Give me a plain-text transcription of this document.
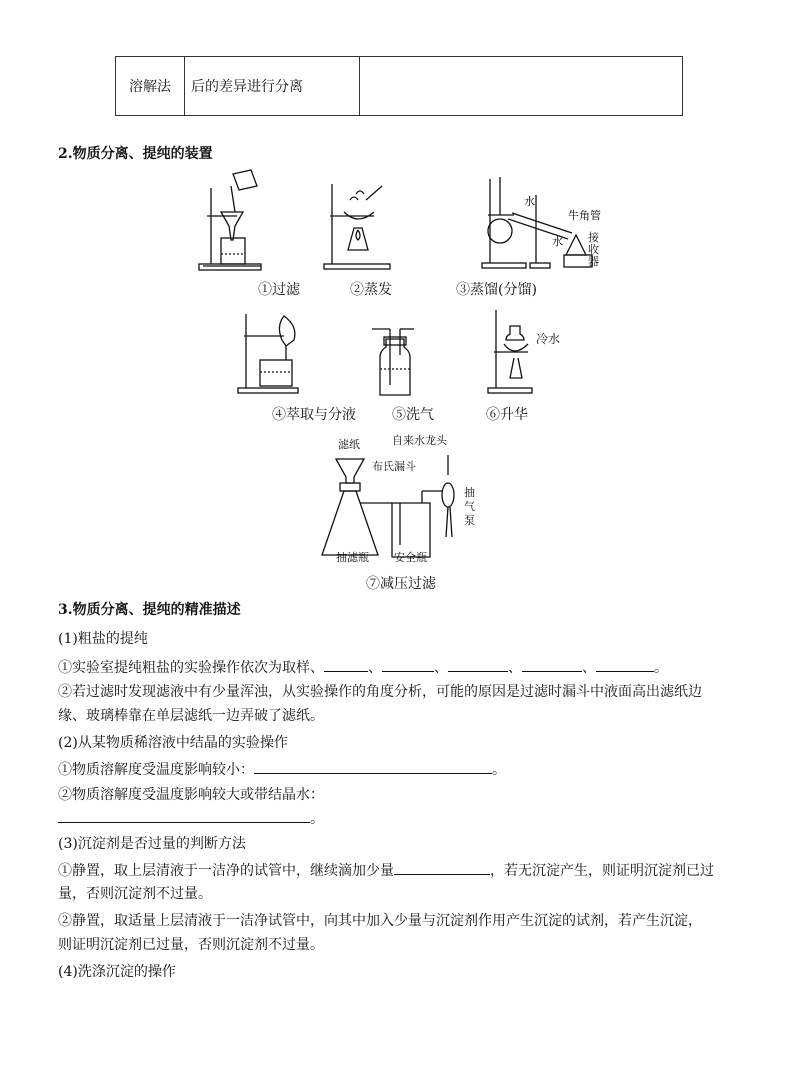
溶解法	后的差异进行分离	
2.物质分离、提纯的装置
①过滤	②蒸发
水
水
牛角管
接收器
③蒸馏(分馏)
④萃取与分液	⑤洗气
冷水
⑥升华
滤纸
布氏漏斗
自来水龙头
抽气泵
抽滤瓶 安全瓶
⑦减压过滤
3.物质分离、提纯的精准描述
(1)粗盐的提纯
①实验室提纯粗盐的实验操作依次为取样、	、	、	、	、	。
②若过滤时发现滤液中有少量浑浊，从实验操作的角度分析，可能的原因是过滤时漏斗中液面高出滤纸边
缘、玻璃棒靠在单层滤纸一边弄破了滤纸。
(2)从某物质稀溶液中结晶的实验操作
①物质溶解度受温度影响较小：	。
②物质溶解度受温度影响较大或带结晶水：
。
(3)沉淀剂是否过量的判断方法
①静置，取上层清液于一洁净的试管中，继续滴加少量	，若无沉淀产生，则证明沉淀剂已过
量，否则沉淀剂不过量。
②静置，取适量上层清液于一洁净试管中，向其中加入少量与沉淀剂作用产生沉淀的试剂，若产生沉淀，
则证明沉淀剂已过量，否则沉淀剂不过量。
(4)洗涤沉淀的操作
